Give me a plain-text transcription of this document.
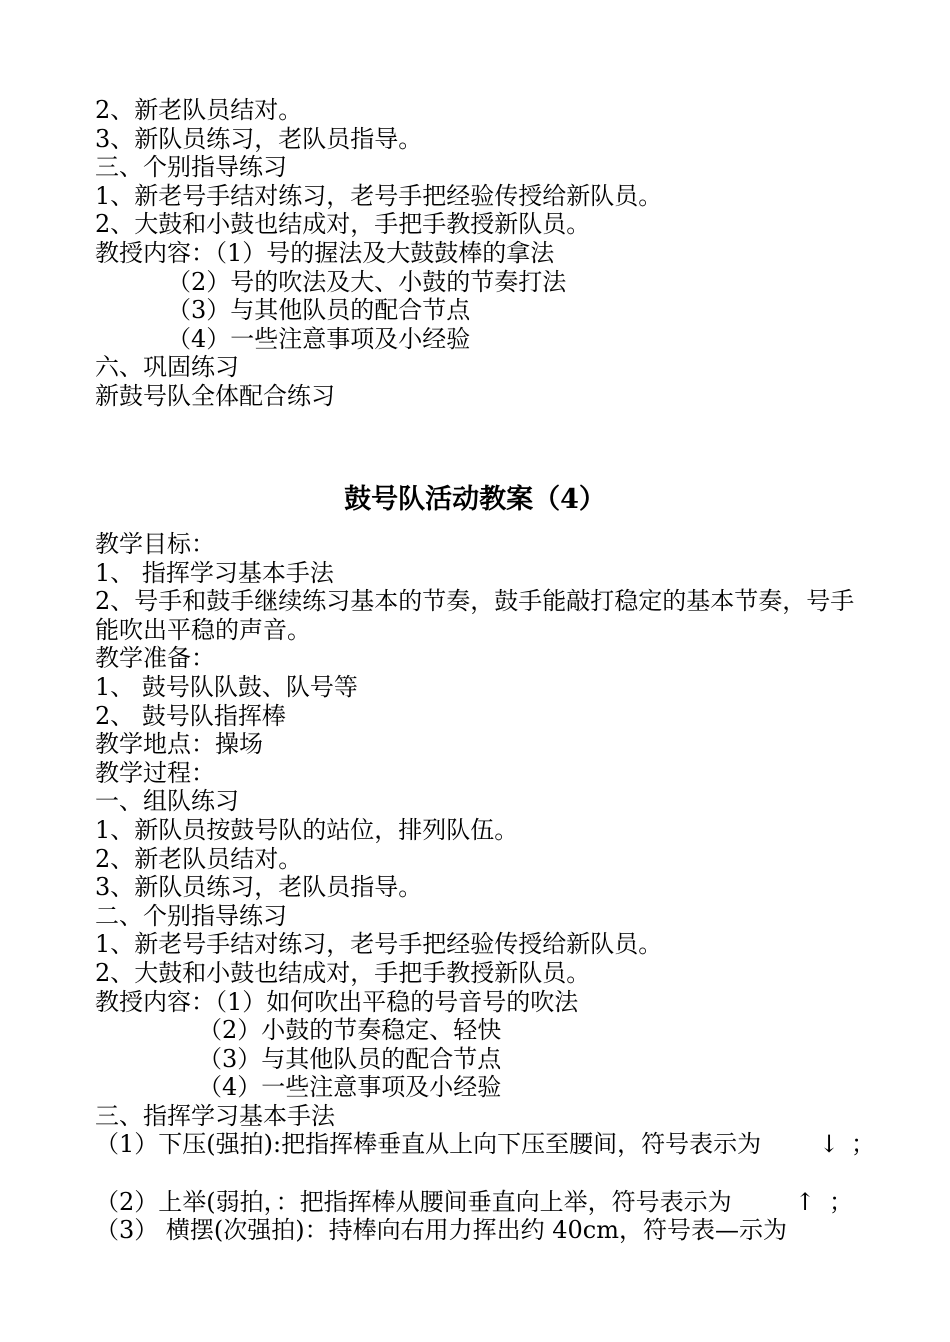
2、新老队员结对。
3、新队员练习，老队员指导。
三、个别指导练习
1、新老号手结对练习，老号手把经验传授给新队员。
2、大鼓和小鼓也结成对，手把手教授新队员。
教授内容：（1）号的握法及大鼓鼓棒的拿法
（2）号的吹法及大、小鼓的节奏打法
（3）与其他队员的配合节点
（4）一些注意事项及小经验
六、巩固练习
新鼓号队全体配合练习
鼓号队活动教案（4）
教学目标：
1、 指挥学习基本手法
2、号手和鼓手继续练习基本的节奏，鼓手能敲打稳定的基本节奏，号手能吹出平稳的声音。
教学准备：
1、 鼓号队队鼓、队号等
2、 鼓号队指挥棒
教学地点：操场
教学过程：
一、组队练习
1、新队员按鼓号队的站位，排列队伍。
2、新老队员结对。
3、新队员练习，老队员指导。
二、个别指导练习
1、新老号手结对练习，老号手把经验传授给新队员。
2、大鼓和小鼓也结成对，手把手教授新队员。
教授内容：（1）如何吹出平稳的号音号的吹法
（2）小鼓的节奏稳定、轻快
（3）与其他队员的配合节点
（4）一些注意事项及小经验
三、指挥学习基本手法
（1）下压(强拍):把指挥棒垂直从上向下压至腰间，符号表示为 ↓ ；
（2）上举(弱拍，：把指挥棒从腰间垂直向上举，符号表示为	↑ ；
（3） 横摆(次强拍)：持棒向右用力挥出约 40cm，符号表—示为
